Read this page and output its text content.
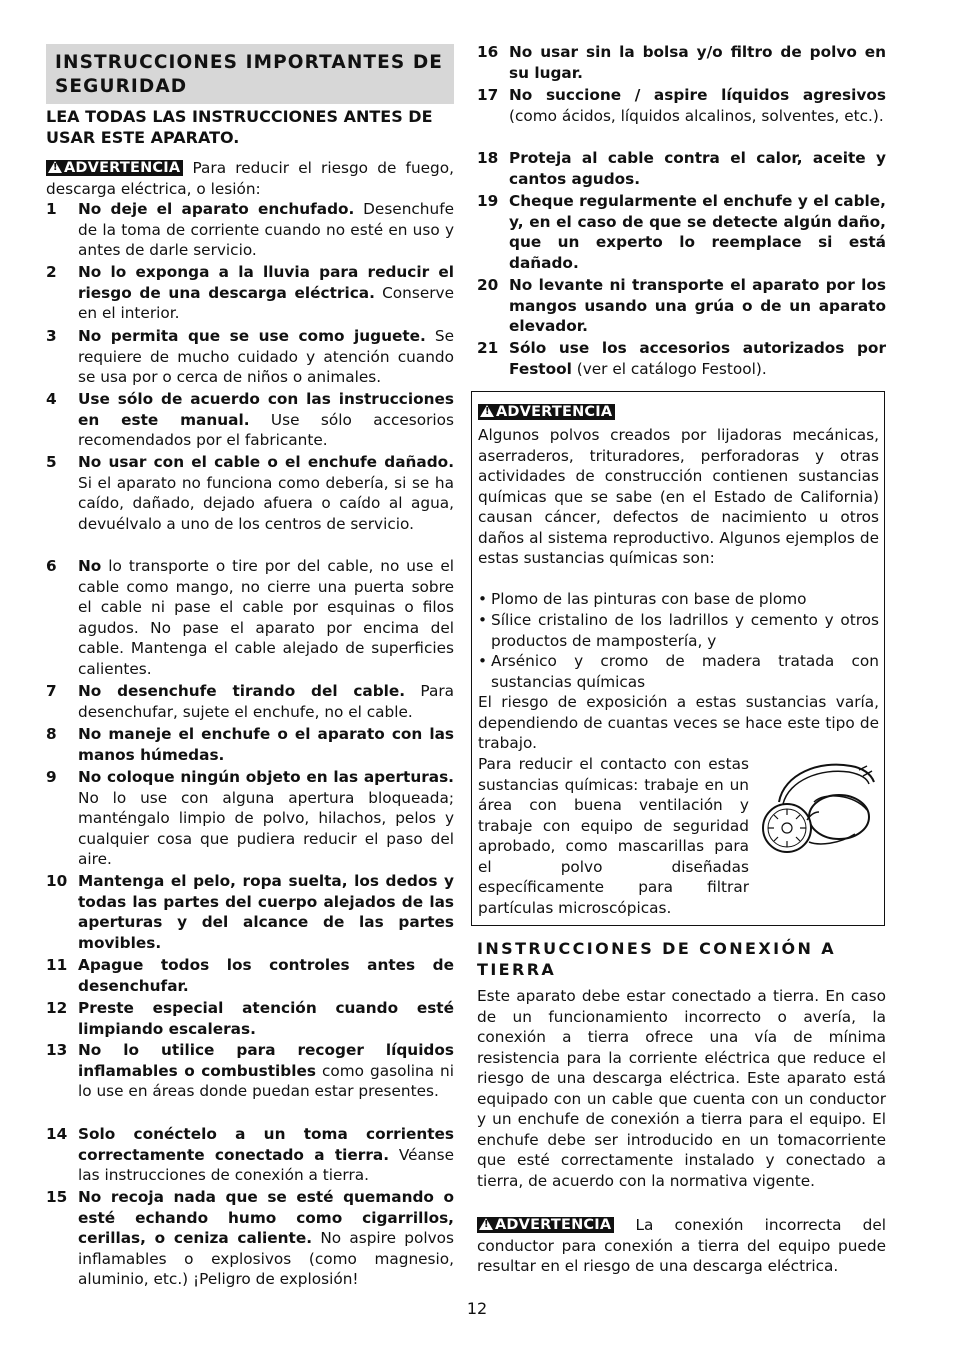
INSTRUCCIONES IMPORTANTES DE SEGURIDAD
LEA TODAS LAS INSTRUCCIONES ANTES DE USAR ESTE APARATO.
! ADVERTENCIA Para reducir el riesgo de fuego, descarga eléctrica, o lesión:
1 No deje el aparato enchufado. Desenchufe de la toma de corriente cuando no esté en uso y antes de darle servicio.
2 No lo exponga a la lluvia para reducir el riesgo de una descarga eléctrica. Conserve en el interior.
3 No permita que se use como juguete. Se requiere de mucho cuidado y atención cuando se usa por o cerca de niños o animales.
4 Use sólo de acuerdo con las instrucciones en este manual. Use sólo accesorios recomendados por el fabricante.
5 No usar con el cable o el enchufe dañado. Si el aparato no funciona como debería, si se ha caído, dañado, dejado afuera o caído al agua, devuélvalo a uno de los centros de servicio.
6 No lo transporte o tire por del cable, no use el cable como mango, no cierre una puerta sobre el cable ni pase el cable por esquinas o filos agudos. No pase el aparato por encima del cable. Mantenga el cable alejado de superficies calientes.
7 No desenchufe tirando del cable. Para desenchufar, sujete el enchufe, no el cable.
8 No maneje el enchufe o el aparato con las manos húmedas.
9 No coloque ningún objeto en las aperturas. No lo use con alguna apertura bloqueada; manténgalo limpio de polvo, hilachos, pelos y cualquier cosa que pudiera reducir el paso del aire.
10 Mantenga el pelo, ropa suelta, los dedos y todas las partes del cuerpo alejados de las aperturas y del alcance de las partes movibles.
11 Apague todos los controles antes de desenchufar.
12 Preste especial atención cuando esté limpiando escaleras.
13 No lo utilice para recoger líquidos inflamables o combustibles como gasolina ni lo use en áreas donde puedan estar presentes.
14 Solo conéctelo a un toma corrientes correctamente conectado a tierra. Véanse las instrucciones de conexión a tierra.
15 No recoja nada que se esté quemando o esté echando humo como cigarrillos, cerillas, o ceniza caliente. No aspire polvos inflamables o explosivos (como magnesio, aluminio, etc.) ¡Peligro de explosión!
16 No usar sin la bolsa y/o filtro de polvo en su lugar.
17 No succione / aspire líquidos agresivos (como ácidos, líquidos alcalinos, solventes, etc.).
18 Proteja al cable contra el calor, aceite y cantos agudos.
19 Cheque regularmente el enchufe y el cable, y, en el caso de que se detecte algún daño, que un experto lo reemplace si está dañado.
20 No levante ni transporte el aparato por los mangos usando una grúa o de un aparato elevador.
21 Sólo use los accesorios autorizados por Festool (ver el catálogo Festool).
! ADVERTENCIA
Algunos polvos creados por lijadoras mecánicas, aserraderos, trituradores, perforadoras y otras actividades de construcción contienen sustancias químicas que se sabe (en el Estado de California) causan cáncer, defectos de nacimiento u otros daños al sistema reproductivo. Algunos ejemplos de estas sustancias químicas son:
• Plomo de las pinturas con base de plomo
• Sílice cristalino de los ladrillos y cemento y otros productos de mampostería, y
• Arsénico y cromo de madera tratada con sustancias químicas
El riesgo de exposición a estas sustancias varía, dependiendo de cuantas veces se hace este tipo de trabajo.
Para reducir el contacto con estas sustancias químicas: trabaje en un área con buena ventilación y trabaje con equipo de seguridad aprobado, como mascarillas para el polvo diseñadas específicamente para filtrar partículas microscópicas.
INSTRUCCIONES DE CONEXIÓN A TIERRA
Este aparato debe estar conectado a tierra. En caso de un funcionamiento incorrecto o avería, la conexión a tierra ofrece una vía de mínima resistencia para la corriente eléctrica que reduce el riesgo de una descarga eléctrica. Este aparato está equipado con un cable que cuenta con un conductor y un enchufe de conexión a tierra para el equipo. El enchufe debe ser introducido en un tomacorriente que esté correctamente instalado y conectado a tierra, de acuerdo con la normativa vigente.
! ADVERTENCIA La conexión incorrecta del conductor para conexión a tierra del equipo puede resultar en el riesgo de una descarga eléctrica.
12
